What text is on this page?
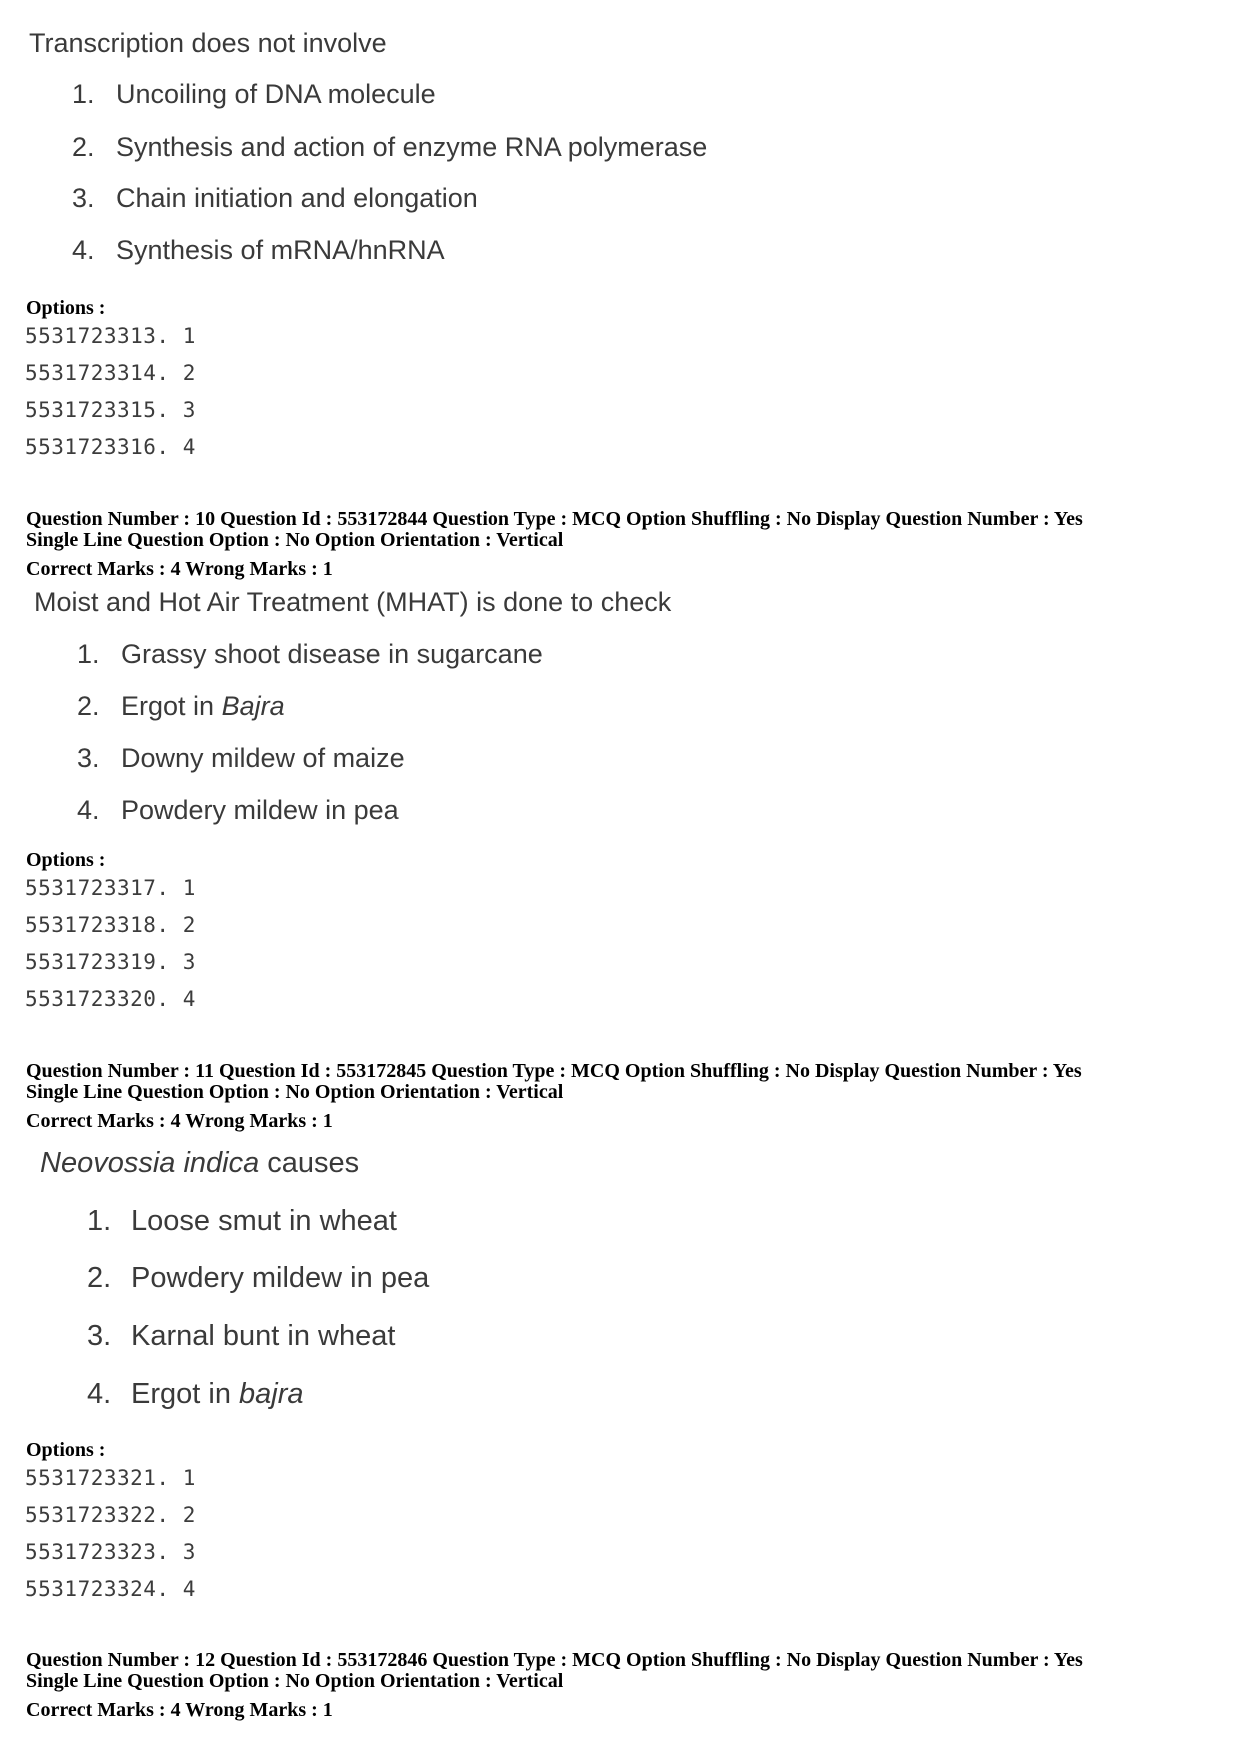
Transcription does not involve
1. Uncoiling of DNA molecule
2. Synthesis and action of enzyme RNA polymerase
3. Chain initiation and elongation
4. Synthesis of mRNA/hnRNA
Options :
5531723313. 1
5531723314. 2
5531723315. 3
5531723316. 4
Question Number : 10 Question Id : 553172844 Question Type : MCQ Option Shuffling : No Display Question Number : Yes
Single Line Question Option : No Option Orientation : Vertical
Correct Marks : 4 Wrong Marks : 1
Moist and Hot Air Treatment (MHAT) is done to check
1. Grassy shoot disease in sugarcane
2. Ergot in Bajra
3. Downy mildew of maize
4. Powdery mildew in pea
Options :
5531723317. 1
5531723318. 2
5531723319. 3
5531723320. 4
Question Number : 11 Question Id : 553172845 Question Type : MCQ Option Shuffling : No Display Question Number : Yes
Single Line Question Option : No Option Orientation : Vertical
Correct Marks : 4 Wrong Marks : 1
Neovossia indica causes
1. Loose smut in wheat
2. Powdery mildew in pea
3. Karnal bunt in wheat
4. Ergot in bajra
Options :
5531723321. 1
5531723322. 2
5531723323. 3
5531723324. 4
Question Number : 12 Question Id : 553172846 Question Type : MCQ Option Shuffling : No Display Question Number : Yes
Single Line Question Option : No Option Orientation : Vertical
Correct Marks : 4 Wrong Marks : 1
